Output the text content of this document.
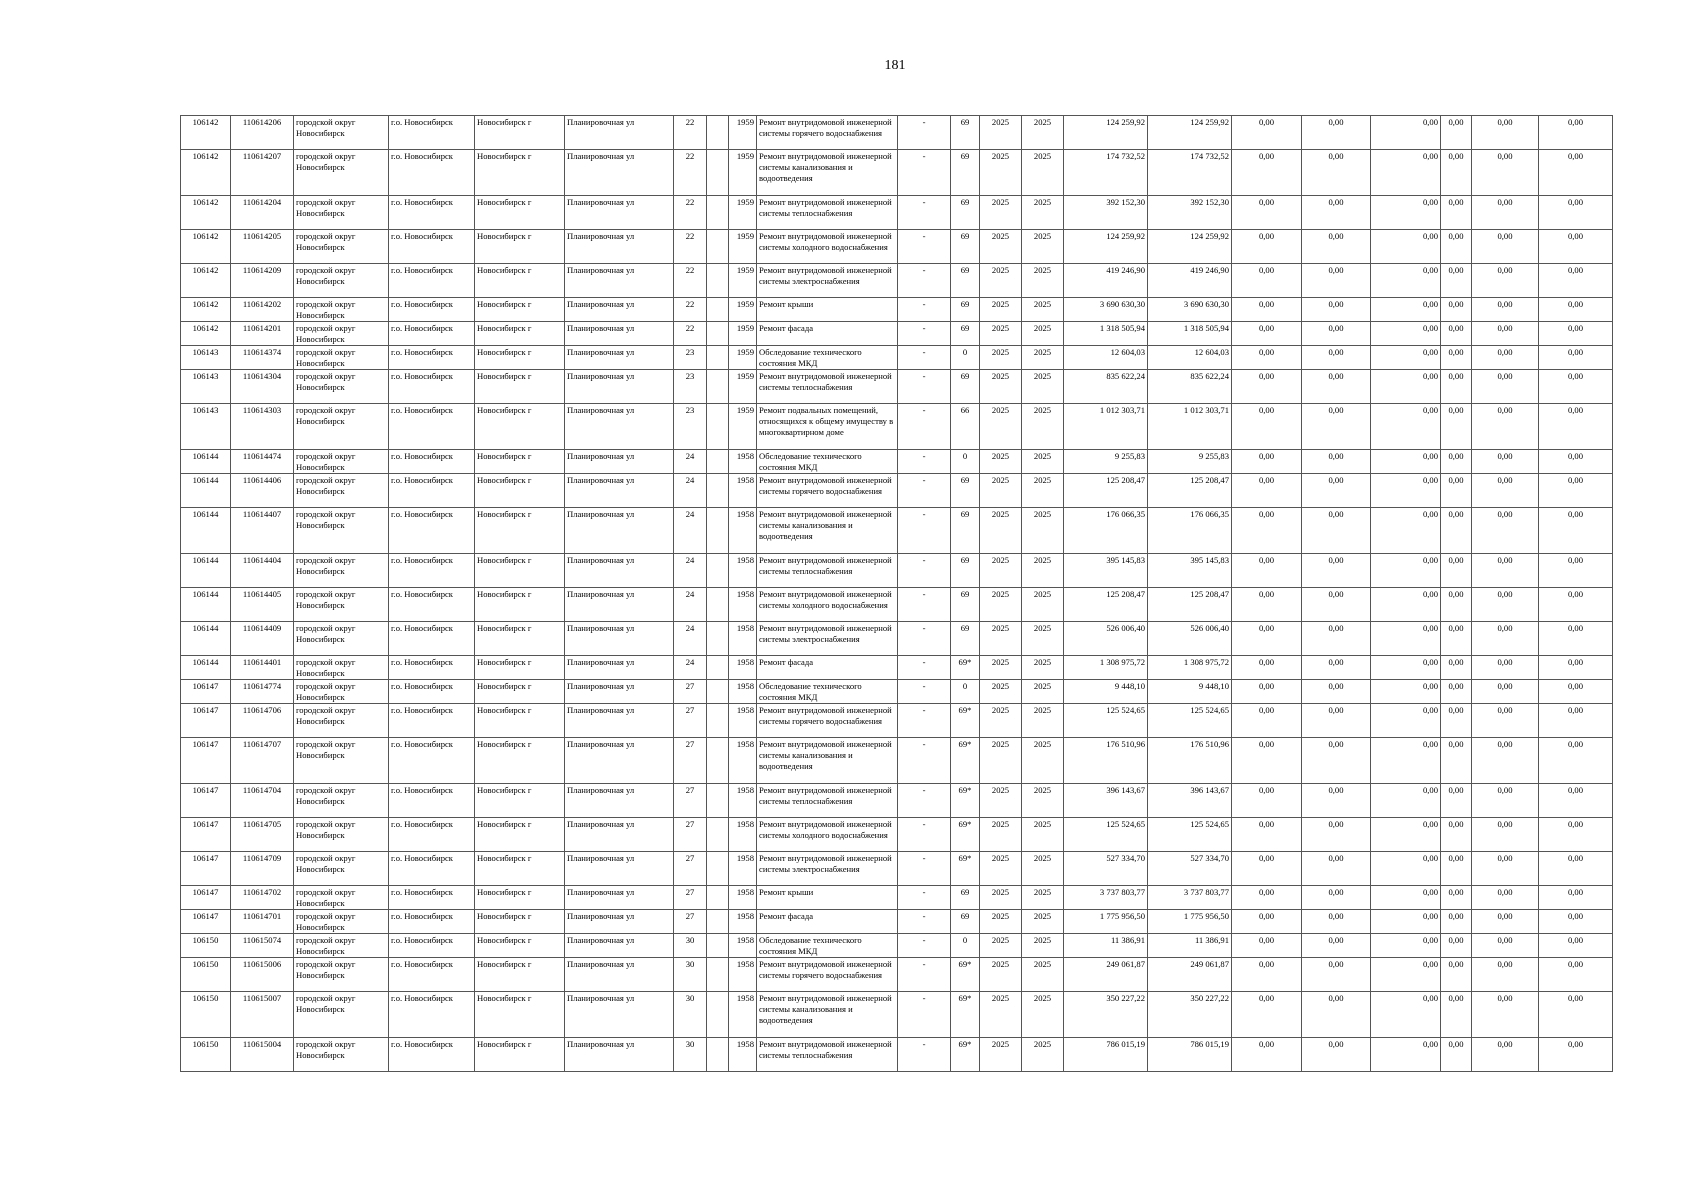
181
106142	110614206	городской округ Новосибирск	г.о. Новосибирск	Новосибирск г	Планировочная ул	22		1959	Ремонт внутридомовой инженерной системы горячего водоснабжения	-	69	2025	2025	124 259,92	124 259,92	0,00	0,00	0,00	0,00	0,00	0,00
106142	110614207	городской округ Новосибирск	г.о. Новосибирск	Новосибирск г	Планировочная ул	22		1959	Ремонт внутридомовой инженерной системы канализования и водоотведения	-	69	2025	2025	174 732,52	174 732,52	0,00	0,00	0,00	0,00	0,00	0,00
106142	110614204	городской округ Новосибирск	г.о. Новосибирск	Новосибирск г	Планировочная ул	22		1959	Ремонт внутридомовой инженерной системы теплоснабжения	-	69	2025	2025	392 152,30	392 152,30	0,00	0,00	0,00	0,00	0,00	0,00
106142	110614205	городской округ Новосибирск	г.о. Новосибирск	Новосибирск г	Планировочная ул	22		1959	Ремонт внутридомовой инженерной системы холодного водоснабжения	-	69	2025	2025	124 259,92	124 259,92	0,00	0,00	0,00	0,00	0,00	0,00
106142	110614209	городской округ Новосибирск	г.о. Новосибирск	Новосибирск г	Планировочная ул	22		1959	Ремонт внутридомовой инженерной системы электроснабжения	-	69	2025	2025	419 246,90	419 246,90	0,00	0,00	0,00	0,00	0,00	0,00
106142	110614202	городской округ Новосибирск	г.о. Новосибирск	Новосибирск г	Планировочная ул	22		1959	Ремонт крыши	-	69	2025	2025	3 690 630,30	3 690 630,30	0,00	0,00	0,00	0,00	0,00	0,00
106142	110614201	городской округ Новосибирск	г.о. Новосибирск	Новосибирск г	Планировочная ул	22		1959	Ремонт фасада	-	69	2025	2025	1 318 505,94	1 318 505,94	0,00	0,00	0,00	0,00	0,00	0,00
106143	110614374	городской округ Новосибирск	г.о. Новосибирск	Новосибирск г	Планировочная ул	23		1959	Обследование технического состояния МКД	-	0	2025	2025	12 604,03	12 604,03	0,00	0,00	0,00	0,00	0,00	0,00
106143	110614304	городской округ Новосибирск	г.о. Новосибирск	Новосибирск г	Планировочная ул	23		1959	Ремонт внутридомовой инженерной системы теплоснабжения	-	69	2025	2025	835 622,24	835 622,24	0,00	0,00	0,00	0,00	0,00	0,00
106143	110614303	городской округ Новосибирск	г.о. Новосибирск	Новосибирск г	Планировочная ул	23		1959	Ремонт подвальных помещений, относящихся к общему имуществу в многоквартирном доме	-	66	2025	2025	1 012 303,71	1 012 303,71	0,00	0,00	0,00	0,00	0,00	0,00
106144	110614474	городской округ Новосибирск	г.о. Новосибирск	Новосибирск г	Планировочная ул	24		1958	Обследование технического состояния МКД	-	0	2025	2025	9 255,83	9 255,83	0,00	0,00	0,00	0,00	0,00	0,00
106144	110614406	городской округ Новосибирск	г.о. Новосибирск	Новосибирск г	Планировочная ул	24		1958	Ремонт внутридомовой инженерной системы горячего водоснабжения	-	69	2025	2025	125 208,47	125 208,47	0,00	0,00	0,00	0,00	0,00	0,00
106144	110614407	городской округ Новосибирск	г.о. Новосибирск	Новосибирск г	Планировочная ул	24		1958	Ремонт внутридомовой инженерной системы канализования и водоотведения	-	69	2025	2025	176 066,35	176 066,35	0,00	0,00	0,00	0,00	0,00	0,00
106144	110614404	городской округ Новосибирск	г.о. Новосибирск	Новосибирск г	Планировочная ул	24		1958	Ремонт внутридомовой инженерной системы теплоснабжения	-	69	2025	2025	395 145,83	395 145,83	0,00	0,00	0,00	0,00	0,00	0,00
106144	110614405	городской округ Новосибирск	г.о. Новосибирск	Новосибирск г	Планировочная ул	24		1958	Ремонт внутридомовой инженерной системы холодного водоснабжения	-	69	2025	2025	125 208,47	125 208,47	0,00	0,00	0,00	0,00	0,00	0,00
106144	110614409	городской округ Новосибирск	г.о. Новосибирск	Новосибирск г	Планировочная ул	24		1958	Ремонт внутридомовой инженерной системы электроснабжения	-	69	2025	2025	526 006,40	526 006,40	0,00	0,00	0,00	0,00	0,00	0,00
106144	110614401	городской округ Новосибирск	г.о. Новосибирск	Новосибирск г	Планировочная ул	24		1958	Ремонт фасада	-	69*	2025	2025	1 308 975,72	1 308 975,72	0,00	0,00	0,00	0,00	0,00	0,00
106147	110614774	городской округ Новосибирск	г.о. Новосибирск	Новосибирск г	Планировочная ул	27		1958	Обследование технического состояния МКД	-	0	2025	2025	9 448,10	9 448,10	0,00	0,00	0,00	0,00	0,00	0,00
106147	110614706	городской округ Новосибирск	г.о. Новосибирск	Новосибирск г	Планировочная ул	27		1958	Ремонт внутридомовой инженерной системы горячего водоснабжения	-	69*	2025	2025	125 524,65	125 524,65	0,00	0,00	0,00	0,00	0,00	0,00
106147	110614707	городской округ Новосибирск	г.о. Новосибирск	Новосибирск г	Планировочная ул	27		1958	Ремонт внутридомовой инженерной системы канализования и водоотведения	-	69*	2025	2025	176 510,96	176 510,96	0,00	0,00	0,00	0,00	0,00	0,00
106147	110614704	городской округ Новосибирск	г.о. Новосибирск	Новосибирск г	Планировочная ул	27		1958	Ремонт внутридомовой инженерной системы теплоснабжения	-	69*	2025	2025	396 143,67	396 143,67	0,00	0,00	0,00	0,00	0,00	0,00
106147	110614705	городской округ Новосибирск	г.о. Новосибирск	Новосибирск г	Планировочная ул	27		1958	Ремонт внутридомовой инженерной системы холодного водоснабжения	-	69*	2025	2025	125 524,65	125 524,65	0,00	0,00	0,00	0,00	0,00	0,00
106147	110614709	городской округ Новосибирск	г.о. Новосибирск	Новосибирск г	Планировочная ул	27		1958	Ремонт внутридомовой инженерной системы электроснабжения	-	69*	2025	2025	527 334,70	527 334,70	0,00	0,00	0,00	0,00	0,00	0,00
106147	110614702	городской округ Новосибирск	г.о. Новосибирск	Новосибирск г	Планировочная ул	27		1958	Ремонт крыши	-	69	2025	2025	3 737 803,77	3 737 803,77	0,00	0,00	0,00	0,00	0,00	0,00
106147	110614701	городской округ Новосибирск	г.о. Новосибирск	Новосибирск г	Планировочная ул	27		1958	Ремонт фасада	-	69	2025	2025	1 775 956,50	1 775 956,50	0,00	0,00	0,00	0,00	0,00	0,00
106150	110615074	городской округ Новосибирск	г.о. Новосибирск	Новосибирск г	Планировочная ул	30		1958	Обследование технического состояния МКД	-	0	2025	2025	11 386,91	11 386,91	0,00	0,00	0,00	0,00	0,00	0,00
106150	110615006	городской округ Новосибирск	г.о. Новосибирск	Новосибирск г	Планировочная ул	30		1958	Ремонт внутридомовой инженерной системы горячего водоснабжения	-	69*	2025	2025	249 061,87	249 061,87	0,00	0,00	0,00	0,00	0,00	0,00
106150	110615007	городской округ Новосибирск	г.о. Новосибирск	Новосибирск г	Планировочная ул	30		1958	Ремонт внутридомовой инженерной системы канализования и водоотведения	-	69*	2025	2025	350 227,22	350 227,22	0,00	0,00	0,00	0,00	0,00	0,00
106150	110615004	городской округ Новосибирск	г.о. Новосибирск	Новосибирск г	Планировочная ул	30		1958	Ремонт внутридомовой инженерной системы теплоснабжения	-	69*	2025	2025	786 015,19	786 015,19	0,00	0,00	0,00	0,00	0,00	0,00
